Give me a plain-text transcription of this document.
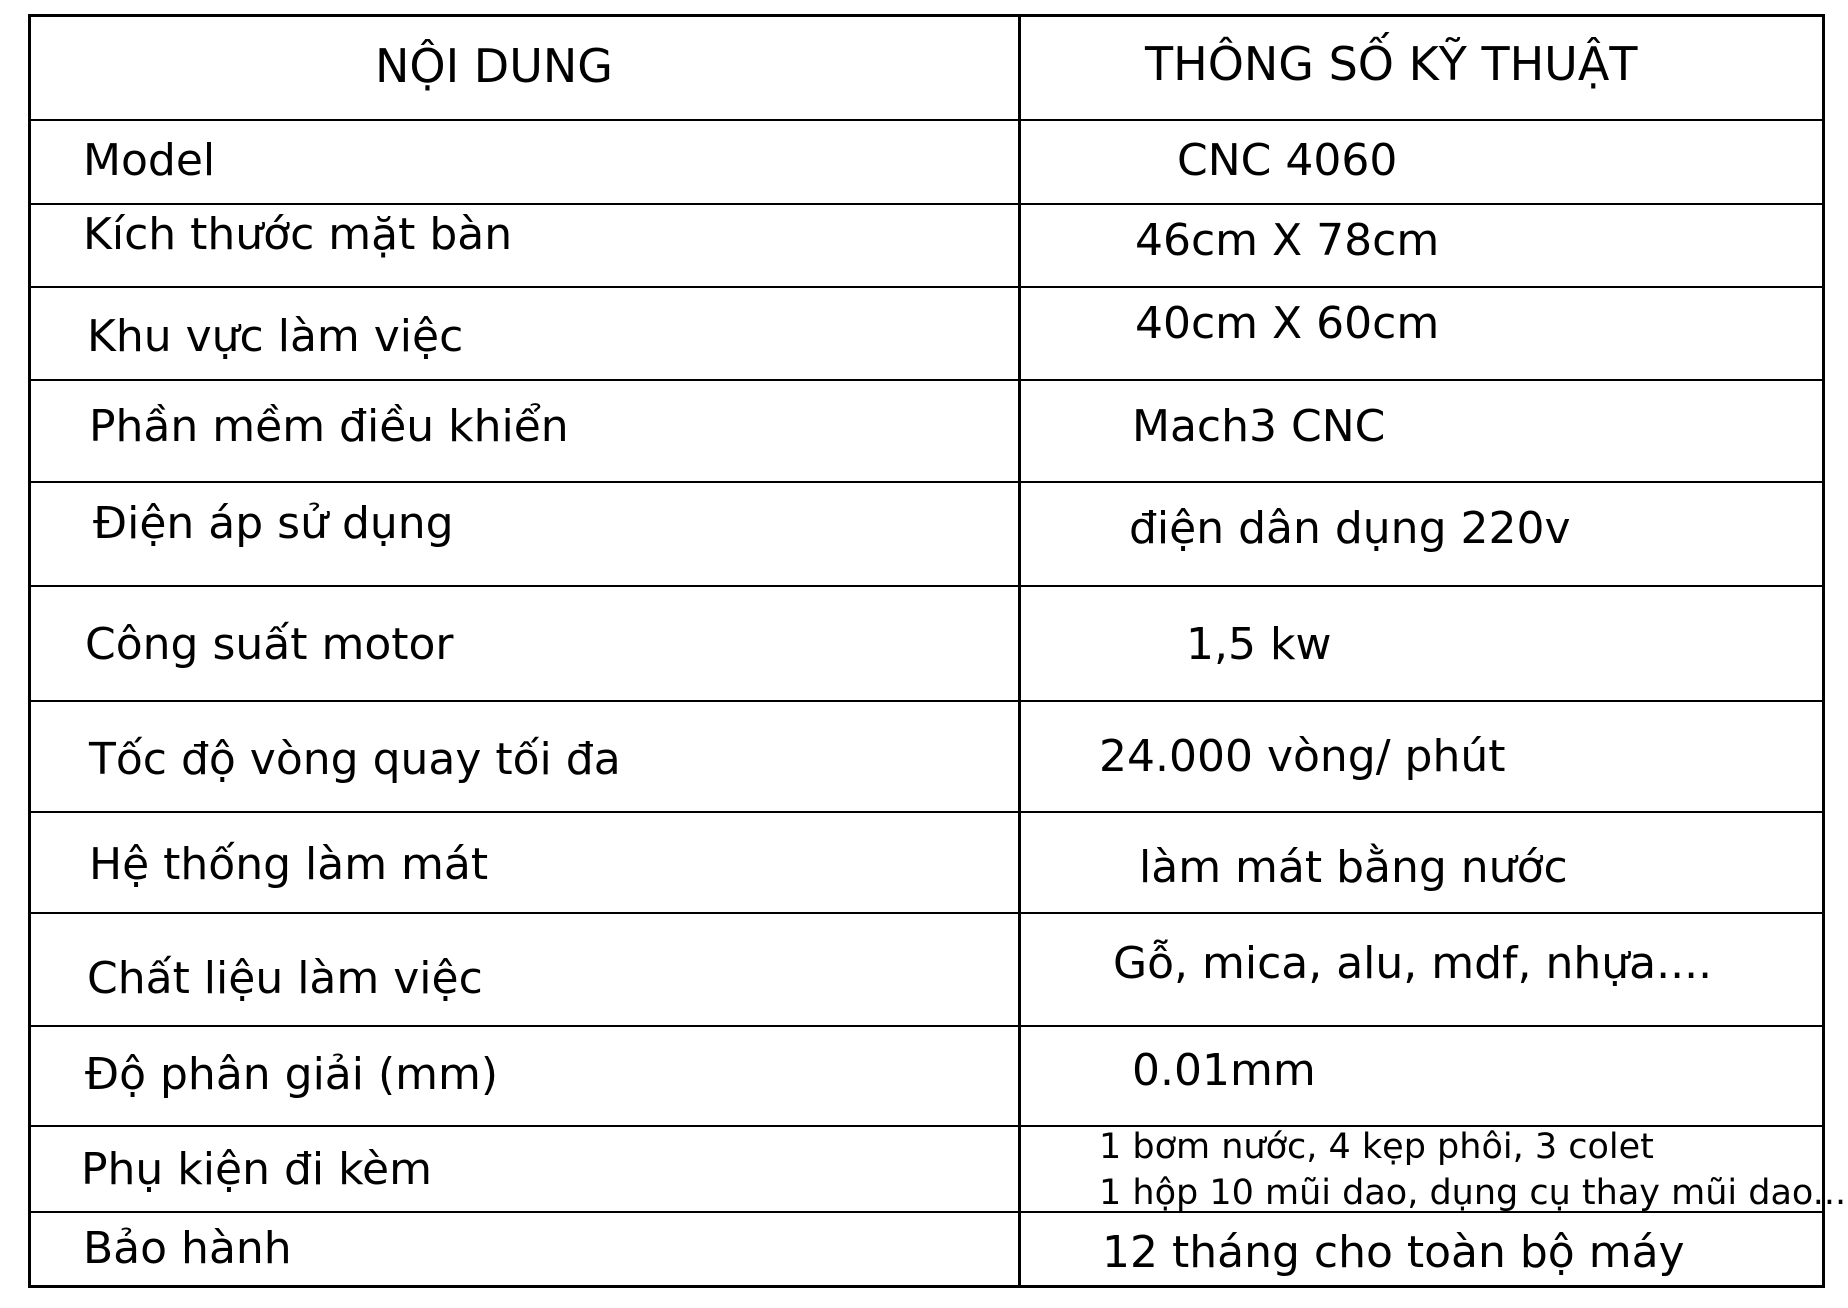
NỘI DUNG	THÔNG SỐ KỸ THUẬT
Model	CNC 4060
Kích thước mặt bàn	46cm X 78cm
Khu vực làm việc	40cm X 60cm
Phần mềm điều khiển	Mach3 CNC
Điện áp sử dụng	điện dân dụng 220v
Công suất motor	1,5 kw
Tốc độ vòng quay tối đa	24.000 vòng/ phút
Hệ thống làm mát	làm mát bằng nước
Chất liệu làm việc	Gỗ, mica, alu, mdf, nhựa....
Độ phân giải (mm)	0.01mm
Phụ kiện đi kèm	1 bơm nước, 4 kẹp phôi, 3 colet
1 hộp 10 mũi dao, dụng cụ thay mũi dao...
Bảo hành	12 tháng cho toàn bộ máy
